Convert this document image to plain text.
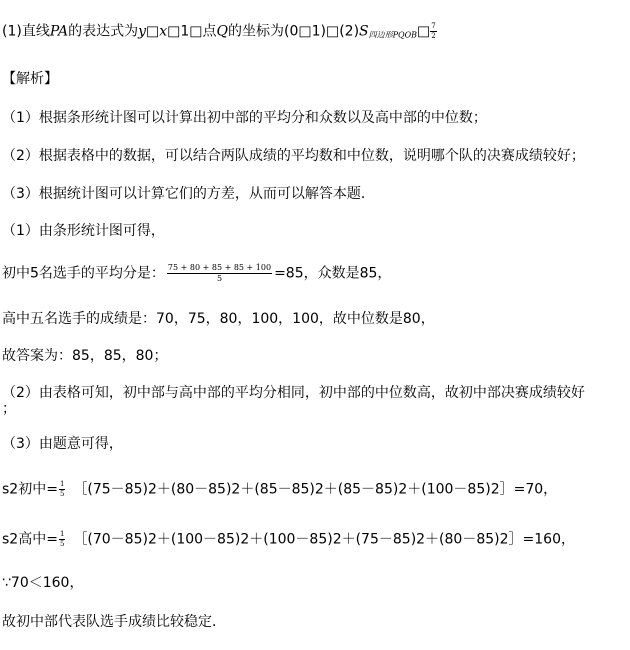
(1)直线PA的表达式为y□x□1□点Q的坐标为$(0□1)□(2)S_{四边形PQOB}□ \frac{7}{2}$
【解析】
（1）根据条形统计图可以计算出初中部的平均分和众数以及高中部的中位数；
（2）根据表格中的数据，可以结合两队成绩的平均数和中位数，说明哪个队的决赛成绩较好；
（3）根据统计图可以计算它们的方差，从而可以解答本题．
（1）由条形统计图可得，
初中5名选手的平均分是： $\frac{75 + 80 + 85 + 85 + 100}{5} =85$，众数是85，
高中五名选手的成绩是：70，75，80，100，100，故中位数是80，
故答案为：85，85，80；
（2）由表格可知，初中部与高中部的平均分相同，初中部的中位数高，故初中部决赛成绩较好
；
（3）由题意可得，
s2初中= $\frac{1}{5}$ ［(75－85)2＋(80－85)2＋(85－85)2＋(85－85)2＋(100－85)2］=70，
s2高中= $\frac{1}{5}$ ［(70－85)2＋(100－85)2＋(100－85)2＋(75－85)2＋(80－85)2］=160，
∵70＜160，
故初中部代表队选手成绩比较稳定．
